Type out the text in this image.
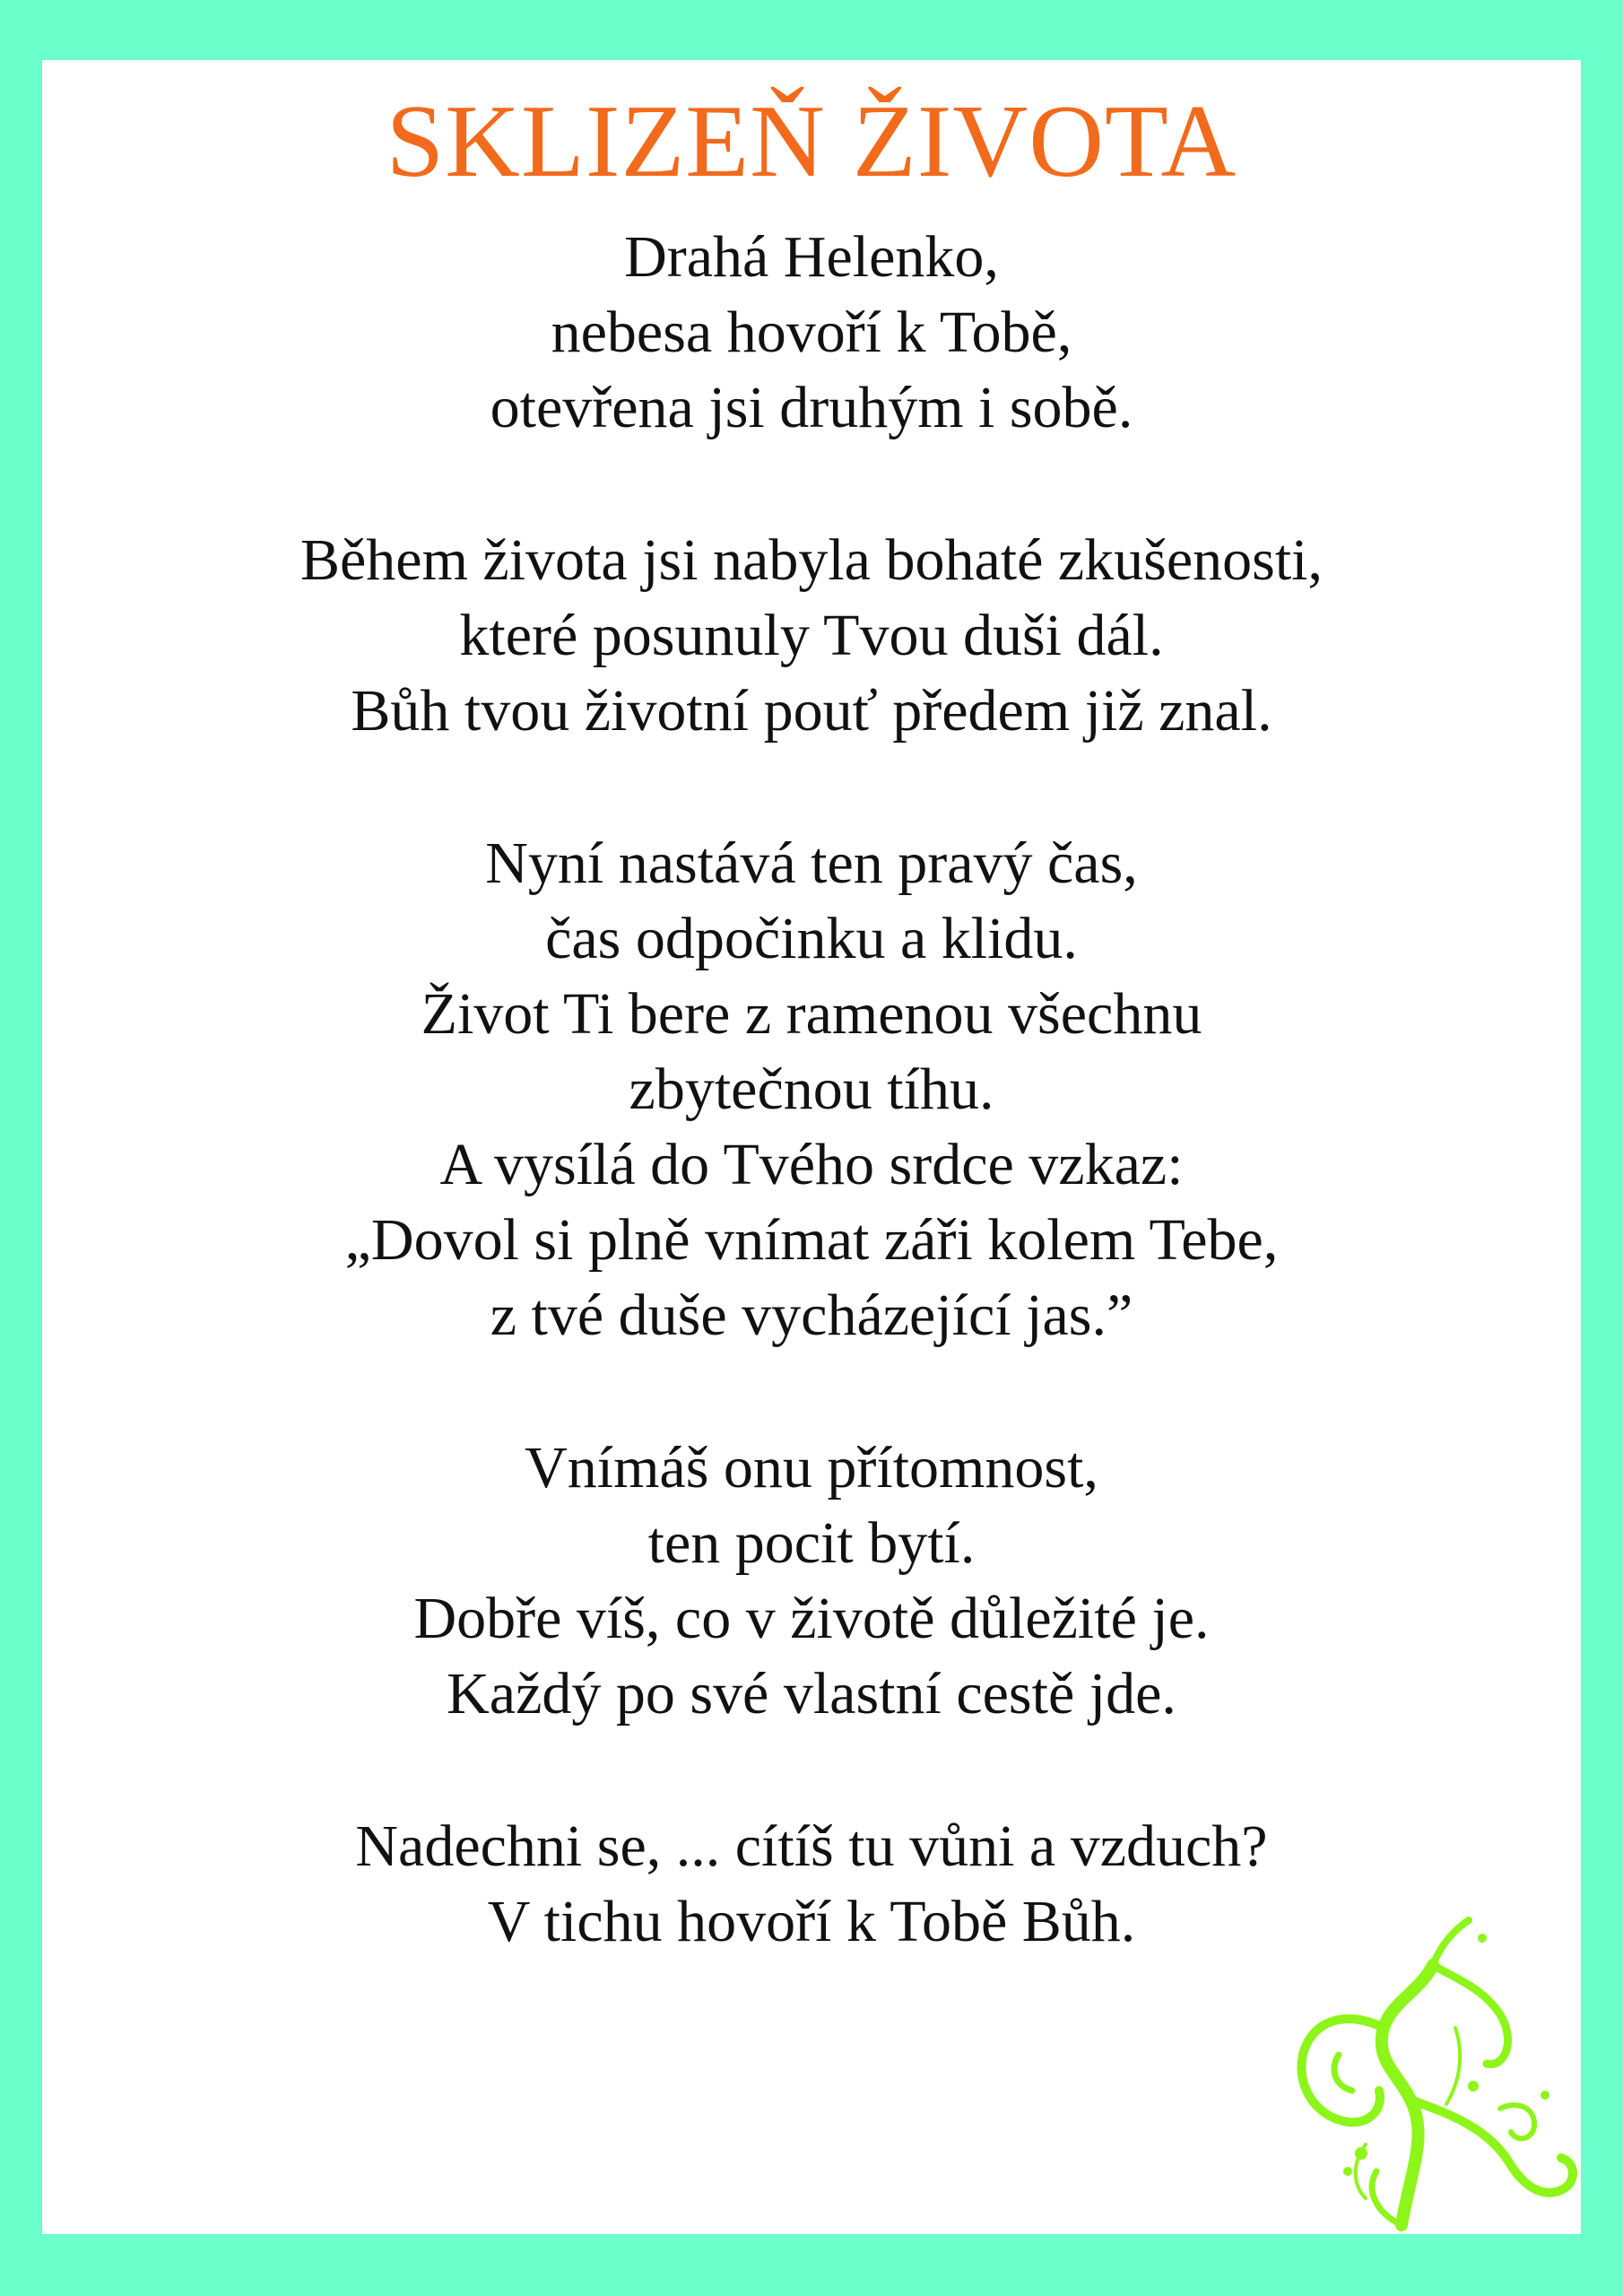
SKLIZEŇ ŽIVOTA
Drahá Helenko,
nebesa hovoří k Tobě,
otevřena jsi druhým i sobě.
Během života jsi nabyla bohaté zkušenosti,
které posunuly Tvou duši dál.
Bůh tvou životní pouť předem již znal.
Nyní nastává ten pravý čas,
čas odpočinku a klidu.
Život Ti bere z ramenou všechnu
zbytečnou tíhu.
A vysílá do Tvého srdce vzkaz:
„Dovol si plně vnímat záři kolem Tebe,
z tvé duše vycházející jas.”
Vnímáš onu přítomnost,
ten pocit bytí.
Dobře víš, co v životě důležité je.
Každý po své vlastní cestě jde.
Nadechni se, ... cítíš tu vůni a vzduch?
V tichu hovoří k Tobě Bůh.
